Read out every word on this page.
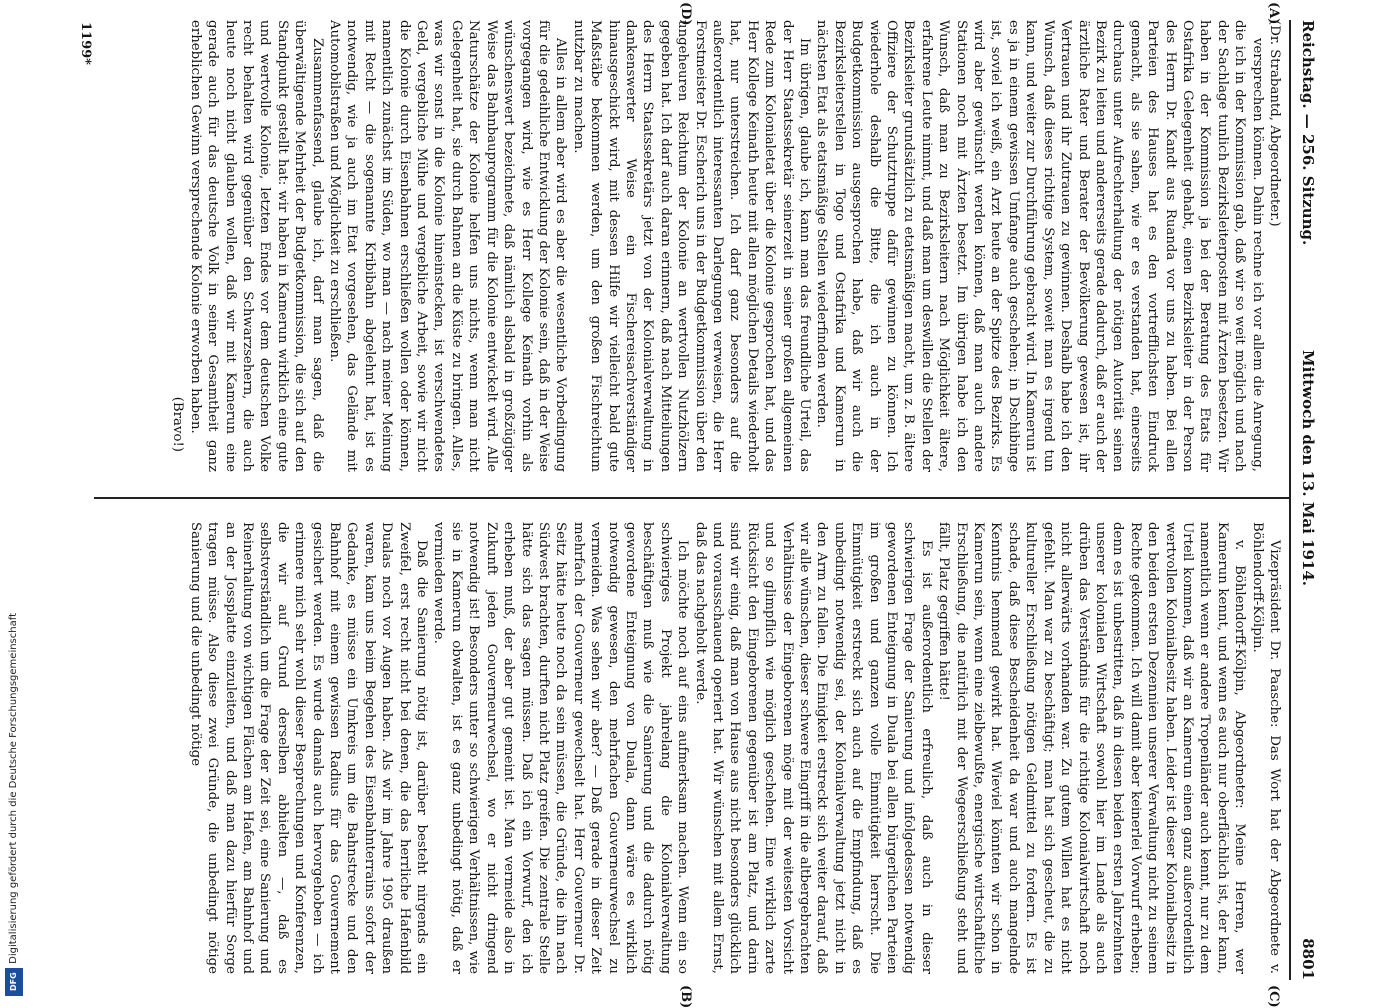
Digitalisierung gefördert durch die Deutsche Forschungsgemeinschaft
DFG
Reichstag. — 256. Sitzung.
Mittwoch den 13. Mai 1914.
8801
(A)
(B)	(C)
(D)

(Dr. Strabantd, Abgeordneter.)

versprechen können. Dahin rechne ich vor allem die Anregung, die ich in der Kommission gab, daß wir so weit möglich und nach der Sachlage tunlich Bezirksleiterposten mit Ärzten besetzen. Wir haben in der Kommission ja bei der Beratung des Etats für Ostafrika Gelegenheit gehabt, einen Bezirksleiter in der Person des Herrn Dr. Kandt aus Ruanda vor uns zu haben. Bei allen Parteien des Hauses hat es den vortrefflichsten Eindruck gemacht, als sie sahen, wie er es verstanden hat, einerseits durchaus unter Aufrechterhaltung der nötigen Autorität seinen Bezirk zu leiten und andererseits gerade dadurch, daß er auch der ärztliche Rater und Berater der Bevölkerung gewesen ist, ihr Vertrauen und ihr Zutrauen zu gewinnen. Deshalb habe ich den Wunsch, daß dieses richtige System, soweit man es irgend tun kann, und weiter zur Durchführung gebracht wird. In Kamerun ist es ja in einem gewissen Umfange auch geschehen; in Dschibinge ist, soviel ich weiß, ein Arzt heute an der Spitze des Bezirks. Es wird aber gewünscht werden können, daß man auch andere Stationen noch mit Ärzten besetzt. Im übrigen habe ich den Wunsch, daß man zu Bezirksleitern nach Möglichkeit ältere, erfahrene Leute nimmt, und daß man um deswillen die Stellen der Bezirksleiter grundsätzlich zu etatsmäßigen macht, um z. B. ältere Offiziere der Schutztruppe dafür gewinnen zu können. Ich wiederhole deshalb die Bitte, die ich auch in der Budgetkommission ausgesprochen habe, daß wir auch die Bezirksleiterstellen in Togo und Ostafrika und Kamerun in nächsten Etat als etatsmäßige Stellen wiederfinden werden.

Im übrigen, glaube ich, kann man das freundliche Urteil, das der Herr Staatssekretär seinerzeit in seiner großen allgemeinen Rede zum Kolonialetat über die Kolonie gesprochen hat, und das Herr Kollege Keinath heute mit allen möglichen Details wiederholt hat, nur unterstreichen. Ich darf ganz besonders auf die außerordentlich interessanten Darlegungen verweisen, die Herr Forstmeister Dr. Escherich uns in der Budgetkommission über den ungeheuren Reichtum der Kolonie an wertvollen Nutzhölzern gegeben hat. Ich darf auch daran erinnern, daß nach Mitteilungen des Herrn Staatssekretärs jetzt von der Kolonialverwaltung in dankenswerter Weise ein Fischereisachverständiger hinausgeschickt wird, mit dessen Hilfe wir vielleicht bald gute Maßstäbe bekommen werden, um den großen Fischreichtum nutzbar zu machen.

Alles in allem aber wird es aber die wesentliche Vorbedingung für die gedeihliche Entwicklung der Kolonie sein, daß in der Weise vorgegangen wird, wie es Herr Kollege Keinath vorhin als wünschenswert bezeichnete, daß nämlich alsbald in großzügiger Weise das Bahnbauprogramm für die Kolonie entwickelt wird. Alle Naturschätze der Kolonie helfen uns nichts, wenn man nicht Gelegenheit hat, sie durch Bahnen an die Küste zu bringen. Alles, was wir sonst in die Kolonie hineinstecken, ist verschwendetes Geld, vergebliche Mühe und vergebliche Arbeit, sowie wir nicht die Kolonie durch Eisenbahnen erschließen wollen oder können, namentlich zunächst im Süden, wo man — nach meiner Meinung mit Recht — die sogenannte Kribibahn abgelehnt hat, ist es notwendig, wie ja auch im Etat vorgesehen, das Gelände mit Automobilstraßen und Möglichkeit zu erschließen.

Zusammenfassend, glaube ich, darf man sagen, daß die überwältigende Mehrheit der Budgetkommission, die sich auf den Standpunkt gestellt hat: wir haben in Kamerun wirklich eine gute und wertvolle Kolonie, letzten Endes vor dem deutschen Volke recht behalten wird gegenüber den Schwarzsehern, die auch heute noch nicht glauben wollen, daß wir mit Kamerun eine gerade auch für das deutsche Volk in seiner Gesamtheit ganz erheblichen Gewinn versprechende Kolonie erworben haben.

(Bravo!)

Vizepräsident Dr. Paasche: Das Wort hat der Abgeordnete v. Böhlendorff-Kölpin.

v. Böhlendorff-Kölpin, Abgeordneter: Meine Herren, wer Kamerun kennt, und wenn es auch nur oberflächlich ist, der kann, namentlich wenn er andere Tropenländer auch kennt, nur zu dem Urteil kommen, daß wir an Kamerun einen ganz außerordentlich wertvollen Kolonialbesitz haben. Leider ist dieser Kolonialbesitz in den beiden ersten Dezennien unserer Verwaltung nicht zu seinem Rechte gekommen. Ich will damit aber keinerlei Vorwurf erheben; denn es ist unbestritten, daß in diesen beiden ersten Jahrzehnten unserer kolonialen Wirtschaft sowohl hier im Lande als auch drüben das Verständnis für die richtige Kolonialwirtschaft noch nicht allerwärts vorhanden war. Zu gutem Willen hat es nicht gefehlt. Man war zu beschäftigt; man hat sich gescheut, die zu kultureller Erschließung nötigen Geldmittel zu fordern. Es ist schade, daß diese Bescheidenheit da war und auch mangelnde Kenntnis hemmend gewirkt hat. Wieviel könnten wir schon in Kamerun sein, wenn eine zielbewußte, energische wirtschaftliche Erschließung, die natürlich mit der Wegeerschließung steht und fällt, Platz gegriffen hätte!

Es ist außerordentlich erfreulich, daß auch in dieser schwierigen Frage der Sanierung und infolgedessen notwendig gewordenen Enteignung in Duala bei allen bürgerlichen Parteien im großen und ganzen volle Einmütigkeit herrscht. Die Einmütigkeit erstreckt sich auch auf die Empfindung, daß es unbedingt notwendig sei, der Kolonialverwaltung jetzt nicht in den Arm zu fallen. Die Einigkeit erstreckt sich weiter darauf, daß wir alle wünschen, dieser schwere Eingriff in die altbergebrachten Verhältnisse der Eingeborenen möge mit der weitesten Vorsicht und so glimpflich wie möglich geschehen. Eine wirklich zarte Rücksicht den Eingeborenen gegenüber ist am Platz, und darin sind wir einig, daß man von Hause aus nicht besonders glücklich und vorausschauend operiert hat. Wir wünschen mit allem Ernst, daß das nachgeholt werde.

Ich möchte noch auf eins aufmerksam machen. Wenn ein so schwieriges Projekt jahrelang die Kolonialverwaltung beschäftigen muß wie die Sanierung und die dadurch nötig gewordene Enteignung von Duala, dann wäre es wirklich notwendig gewesen, den mehrfachen Gouverneurwechsel zu vermeiden. Was sehen wir aber? — Daß gerade in dieser Zeit mehrfach der Gouverneur gewechselt hat. Herr Gouverneur Dr. Seitz hätte heute noch da sein müssen, die Gründe, die ihn nach Südwest brachten, durften nicht Platz greifen. Die zentrale Stelle hätte sich das sagen müssen. Daß ich ein Vorwurf, den ich erheben muß, der aber gut gemeint ist. Man vermeide also in Zukunft jeden Gouverneurwechsel, wo er nicht dringend notwendig ist! Besonders unter so schwierigen Verhältnissen, wie sie in Kamerun obwalten, ist es ganz unbedingt nötig, daß er vermieden werde.

Daß die Sanierung nötig ist, darüber besteht nirgends ein Zweifel, erst recht nicht bei denen, die das herrliche Hafenbild Dualas noch vor Augen haben. Als wir im Jahre 1905 draußen waren, kam uns beim Begehen des Eisenbahnterrains sofort der Gedanke, es müsse ein Umkreis um die Bahnstrecke und den Bahnhof mit einem gewissen Radius für das Gouvernement gesichert werden. Es wurde damals auch hervorgehoben — ich erinnere mich sehr wohl dieser Besprechungen und Konferenzen, die wir auf Grund derselben abhielten —, daß es selbstverständlich um die Frage der Zeit sei, eine Sanierung und Reinerhaltung von wichtigen Flächen am Hafen, am Bahnhof und an der Jossplatte einzuleiten, und daß man dazu hierfür Sorge tragen müsse. Also diese zwei Gründe, die unbedingt nötige Sanierung und die unbedingt nötige

1199*
